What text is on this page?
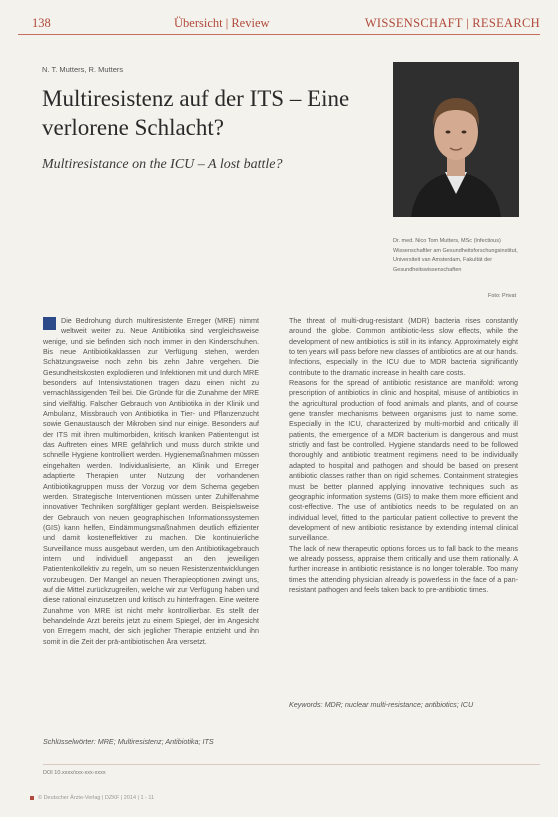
138	Übersicht | Review	WISSENSCHAFT | RESEARCH
N. T. Mutters, R. Mutters
Multiresistenz auf der ITS – Eine verlorene Schlacht?
Multiresistance on the ICU – A lost battle?
Dr. med. Nico Tom Mutters, MSc (Infectious) Wissenschaftler am Gesundheitsforschungsinstitut, Universiteit van Amsterdam, Fakultät der Gesundheitswissenschaften
Foto: Privat
Die Bedrohung durch multiresistente Erreger (MRE) nimmt weltweit weiter zu. Neue Antibiotika sind vergleichsweise wenige, und sie befinden sich noch immer in den Kinderschuhen. Bis neue Antibiotikaklassen zur Verfügung stehen, werden Schätzungsweise noch zehn bis zehn Jahre vergehen. Die Gesundheitskosten explodieren und Infektionen mit und durch MRE besonders auf Intensivstationen tragen dazu einen nicht zu vernachlässigenden Teil bei. Die Gründe für die Zunahme der MRE sind vielfältig. Falscher Gebrauch von Antibiotika in der Klinik und Ambulanz, Missbrauch von Antibiotika in Tier- und Pflanzenzucht sowie Genaustausch der Mikroben sind nur einige. Besonders auf der ITS mit ihren multimorbiden, kritisch kranken Patientengut ist das Auftreten eines MRE gefährlich und muss durch strikte und schnelle Hygiene kontrolliert werden. Hygienemaßnahmen müssen eingehalten werden. Individualisierte, an Klinik und Erreger adaptierte Therapien unter Nutzung der vorhandenen Antibiotikagruppen muss der Vorzug vor dem Schema gegeben werden. Strategische Interventionen müssen unter Zuhilfenahme innovativer Techniken sorgfältiger geplant werden. Beispielsweise der Gebrauch von neuen geographischen Informationssystemen (GIS) kann helfen, Eindämmungsmaßnahmen deutlich effizienter und damit kosteneffektiver zu machen. Die kontinuierliche Surveillance muss ausgebaut werden, um den Antibiotikagebrauch intern und individuell angepasst an den jeweiligen Patientenkollektiv zu regeln, um so neuen Resistenzentwicklungen vorzubeugen. Der Mangel an neuen Therapieoptionen zwingt uns, auf die Mittel zurückzugreifen, welche wir zur Verfügung haben und diese rational einzusetzen und kritisch zu hinterfragen. Eine weitere Zunahme von MRE ist nicht mehr kontrollierbar. Es stellt der behandelnde Arzt bereits jetzt zu einem Spiegel, der im Angesicht von Erregern macht, der sich jeglicher Therapie entzieht und ihn somit in die Zeit der prä-antibiotischen Ära versetzt.
The threat of multi-drug-resistant (MDR) bacteria rises constantly around the globe. Common antibiotic-less slow effects, while the development of new antibiotics is still in its infancy. Approximately eight to ten years will pass before new classes of antibiotics are at our hands. Infections, especially in the ICU due to MDR bacteria significantly contribute to the dramatic increase in health care costs.
Reasons for the spread of antibiotic resistance are manifold: wrong prescription of antibiotics in clinic and hospital, misuse of antibiotics in the agricultural production of food animals and plants, and of course gene transfer mechanisms between organisms just to name some. Especially in the ICU, characterized by multi-morbid and critically ill patients, the emergence of a MDR bacterium is dangerous and must strictly and fast be controlled. Hygiene standards need to be followed thoroughly and antibiotic treatment regimens need to be individually adapted to hospital and pathogen and should be based on present antibiotic classes rather than on rigid schemes. Containment strategies must be better planned applying innovative techniques such as geographic information systems (GIS) to make them more efficient and cost-effective. The use of antibiotics needs to be regulated on an individual level, fitted to the particular patient collective to prevent the development of new antibiotic resistance by extending internal clinical surveillance.
The lack of new therapeutic options forces us to fall back to the means we already possess, appraise them critically and use them rationally. A further increase in antibiotic resistance is no longer tolerable. Too many times the attending physician already is powerless in the face of a pan-resistant pathogen and feels taken back to pre-antibiotic times.
Keywords: MDR; nuclear multi-resistance; antibiotics; ICU
Schlüsselwörter: MRE; Multiresistenz; Antibiotika; ITS
DOI 10.xxxx/xxx-xxx-xxxx
© Deutscher Ärzte-Verlag | DZKF | 2014 | 1 - 11
